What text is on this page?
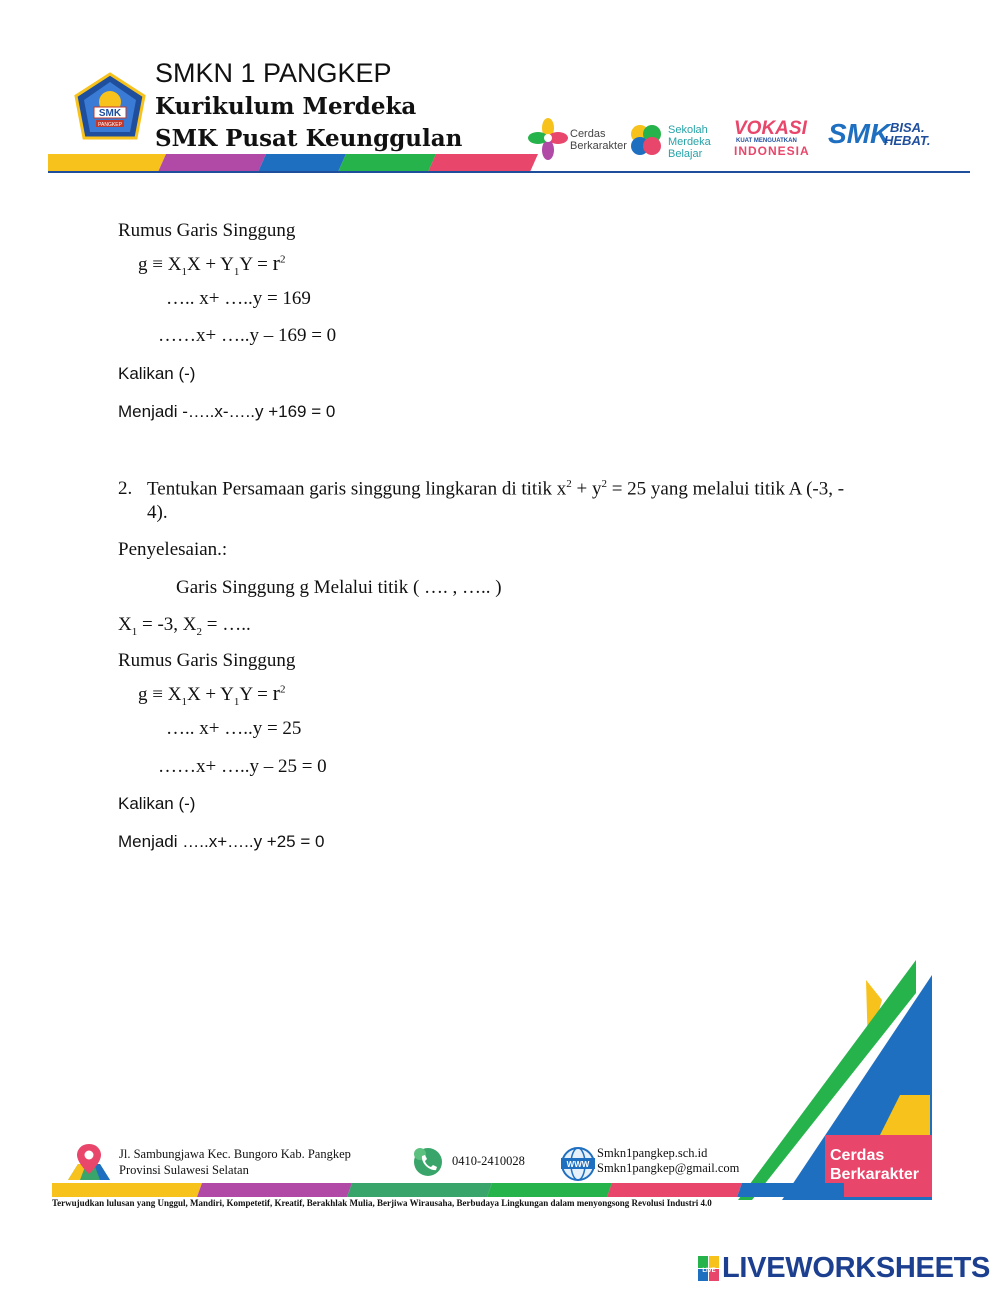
SMK
PANGKEP
SMKN 1 PANGKEP
Kurikulum Merdeka
SMK Pusat Keunggulan	Cerdas
Berkarakter
Sekolah
Merdeka
Belajar
VOKASI
KUAT MENGUATKAN
INDONESIA
SMK BISA.
HEBAT.
Rumus Garis Singgung
$g \equiv X_1X + Y_1Y = r^2$
….. x+ …..y = 169
……x+ …..y – 169 = 0
Kalikan (-)
Menjadi -…..x-…..y +169 = 0
2. Tentukan Persamaan garis singgung lingkaran di titik $x^2 + y^2 = 25$ yang melalui titik A (-3, -
4).
Penyelesaian.:
Garis Singgung g Melalui titik ( …. , ….. )
$X_1 = -3$, $X_2$ = …..
Rumus Garis Singgung
$g \equiv X_1X + Y_1Y = r^2$
….. x+ …..y = 25
……x+ …..y – 25 = 0
Kalikan (-)
Menjadi …..x+…..y +25 = 0
Cerdas
Berkarakter
Jl. Sambungjawa Kec. Bungoro Kab. Pangkep
Provinsi Sulawesi Selatan
0410-2410028	WWW
Smkn1pangkep.sch.id
Smkn1pangkep@gmail.com
Terwujudkan lulusan yang Unggul, Mandiri, Kompetetif, Kreatif, Berakhlak Mulia, Berjiwa Wirausaha, Berbudaya Lingkungan dalam menyongsong Revolusi Industri 4.0
LIVE LIVEWORKSHEETS
